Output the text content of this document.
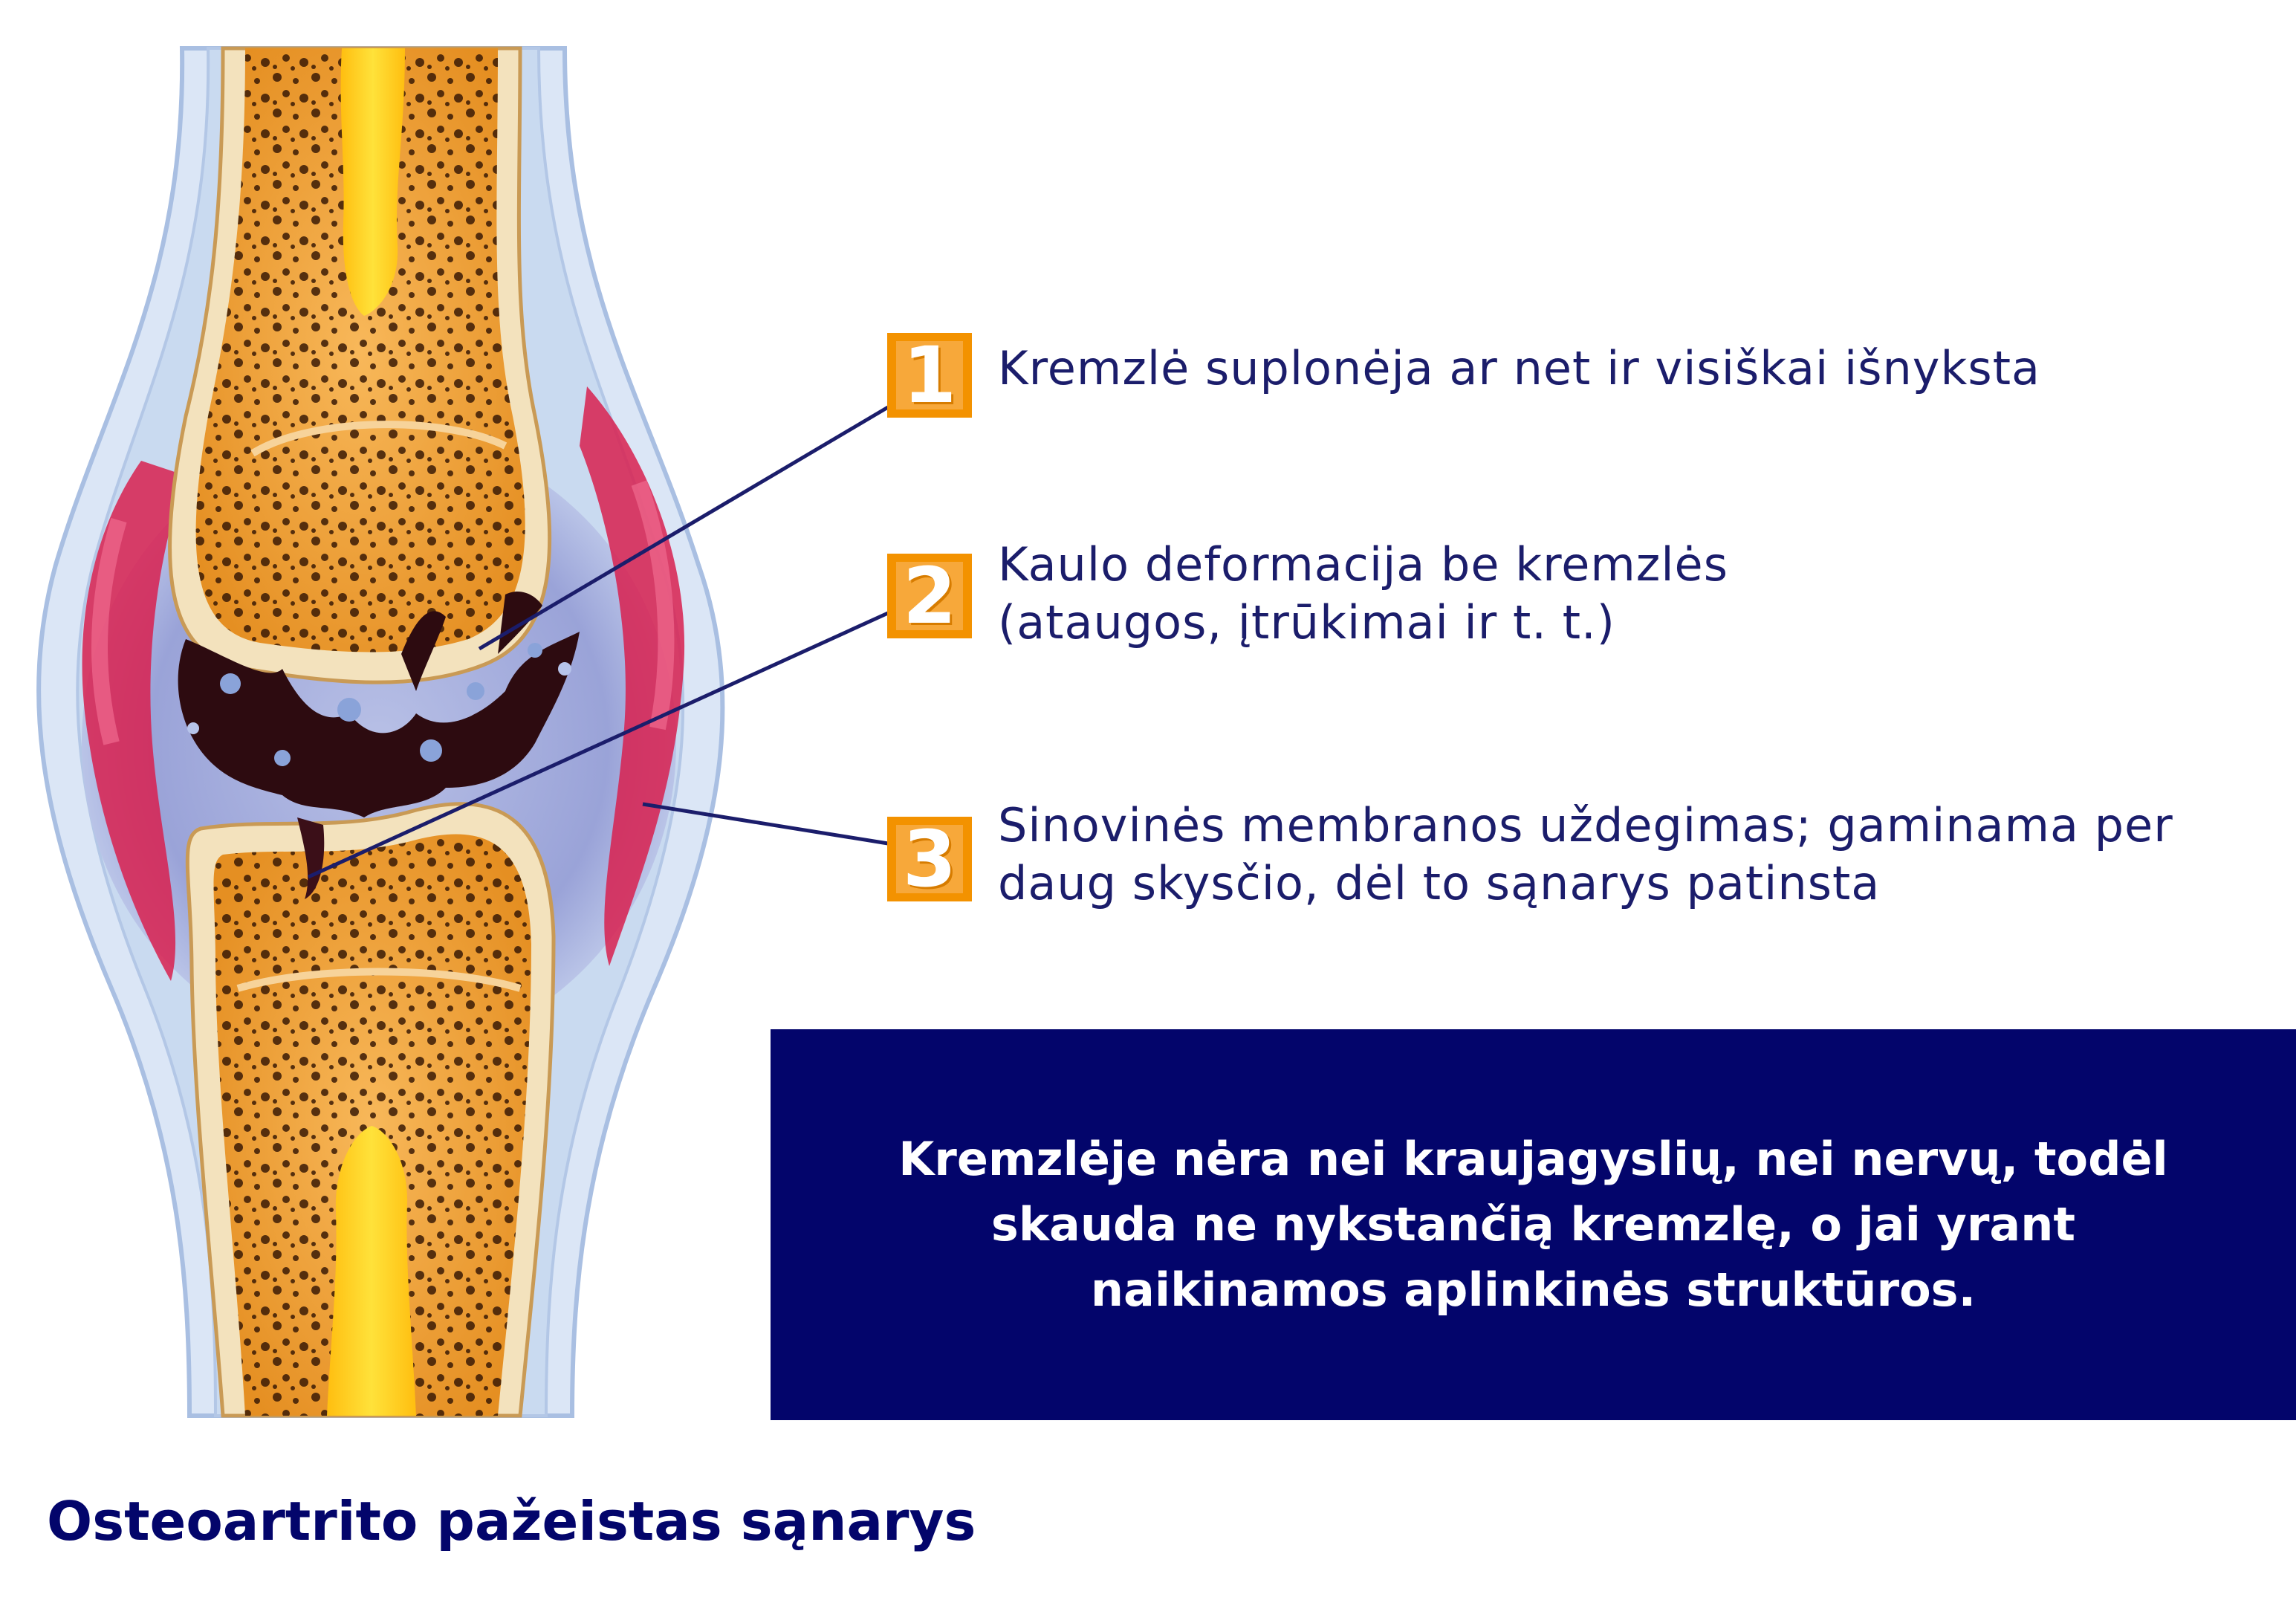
1 Kremzlė suplonėja ar net ir visiškai išnyksta
2 Kaulo deformacija be kremzlės
(ataugos, įtrūkimai ir t. t.)
3 Sinovinės membranos uždegimas; gaminama per
daug skysčio, dėl to sąnarys patinsta
Kremzlėje nėra nei kraujagyslių, nei nervų, todėl
skauda ne nykstančią kremzlę, o jai yrant
naikinamos aplinkinės struktūros.
Osteoartrito pažeistas sąnarys
